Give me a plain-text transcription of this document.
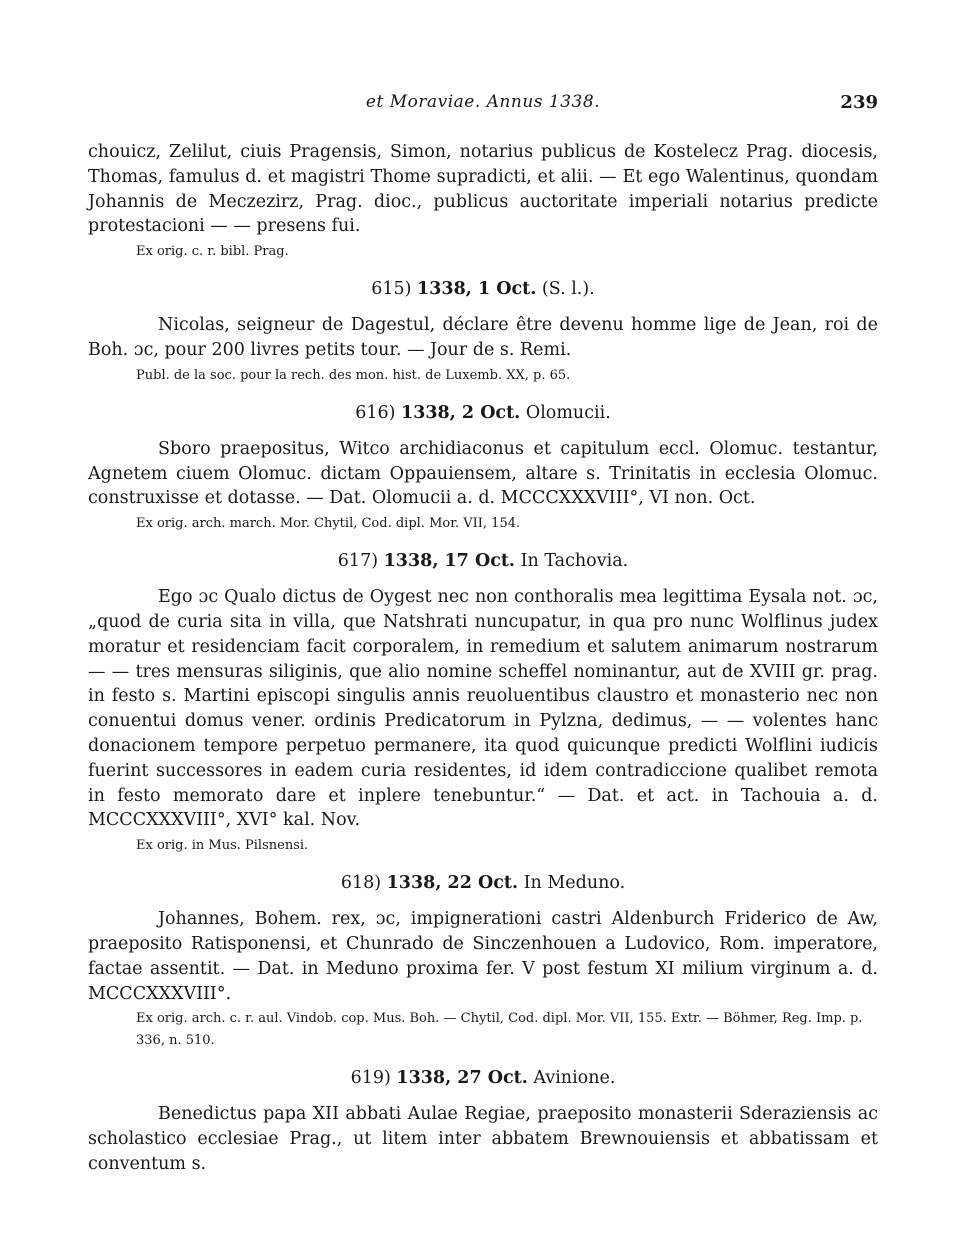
et Moraviae. Annus 1338.	239

chouicz, Zelilut, ciuis Pragensis, Simon, notarius publicus de Kostelecz Prag. diocesis, Thomas, famulus d. et magistri Thome supradicti, et alii. — Et ego Walentinus, quondam Johannis de Meczezirz, Prag. dioc., publicus auctoritate imperiali notarius predicte protestacioni — — presens fui.

Ex orig. c. r. bibl. Prag.

615) 1338, 1 Oct. (S. l.).

Nicolas, seigneur de Dagestul, déclare être devenu homme lige de Jean, roi de Boh. ɔc, pour 200 livres petits tour. — Jour de s. Remi.

Publ. de la soc. pour la rech. des mon. hist. de Luxemb. XX, p. 65.

616) 1338, 2 Oct. Olomucii.

Sboro praepositus, Witco archidiaconus et capitulum eccl. Olomuc. testantur, Agnetem ciuem Olomuc. dictam Oppauiensem, altare s. Trinitatis in ecclesia Olomuc. construxisse et dotasse. — Dat. Olomucii a. d. MCCCXXXVIII°, VI non. Oct.

Ex orig. arch. march. Mor. Chytil, Cod. dipl. Mor. VII, 154.

617) 1338, 17 Oct. In Tachovia.

Ego ɔc Qualo dictus de Oygest nec non conthoralis mea legittima Eysala not. ɔc, „quod de curia sita in villa, que Natshrati nuncupatur, in qua pro nunc Wolflinus judex moratur et residenciam facit corporalem, in remedium et salutem animarum nostrarum — — tres mensuras siliginis, que alio nomine scheffel nominantur, aut de XVIII gr. prag. in festo s. Martini episcopi singulis annis reuoluentibus claustro et monasterio nec non conuentui domus vener. ordinis Predicatorum in Pylzna, dedimus, — — volentes hanc donacionem tempore perpetuo permanere, ita quod quicunque predicti Wolflini iudicis fuerint successores in eadem curia residentes, id idem contradiccione qualibet remota in festo memorato dare et inplere tenebuntur.“ — Dat. et act. in Tachouia a. d. MCCCXXXVIII°, XVI° kal. Nov.

Ex orig. in Mus. Pilsnensi.

618) 1338, 22 Oct. In Meduno.

Johannes, Bohem. rex, ɔc, impignerationi castri Aldenburch Friderico de Aw, praeposito Ratisponensi, et Chunrado de Sinczenhouen a Ludovico, Rom. imperatore, factae assentit. — Dat. in Meduno proxima fer. V post festum XI milium virginum a. d. MCCCXXXVIII°.

Ex orig. arch. c. r. aul. Vindob. cop. Mus. Boh. — Chytil, Cod. dipl. Mor. VII, 155. Extr. — Böhmer, Reg. Imp. p. 336, n. 510.

619) 1338, 27 Oct. Avinione.

Benedictus papa XII abbati Aulae Regiae, praeposito monasterii Sderaziensis ac scholastico ecclesiae Prag., ut litem inter abbatem Brewnouiensis et abbatissam et conventum s.
